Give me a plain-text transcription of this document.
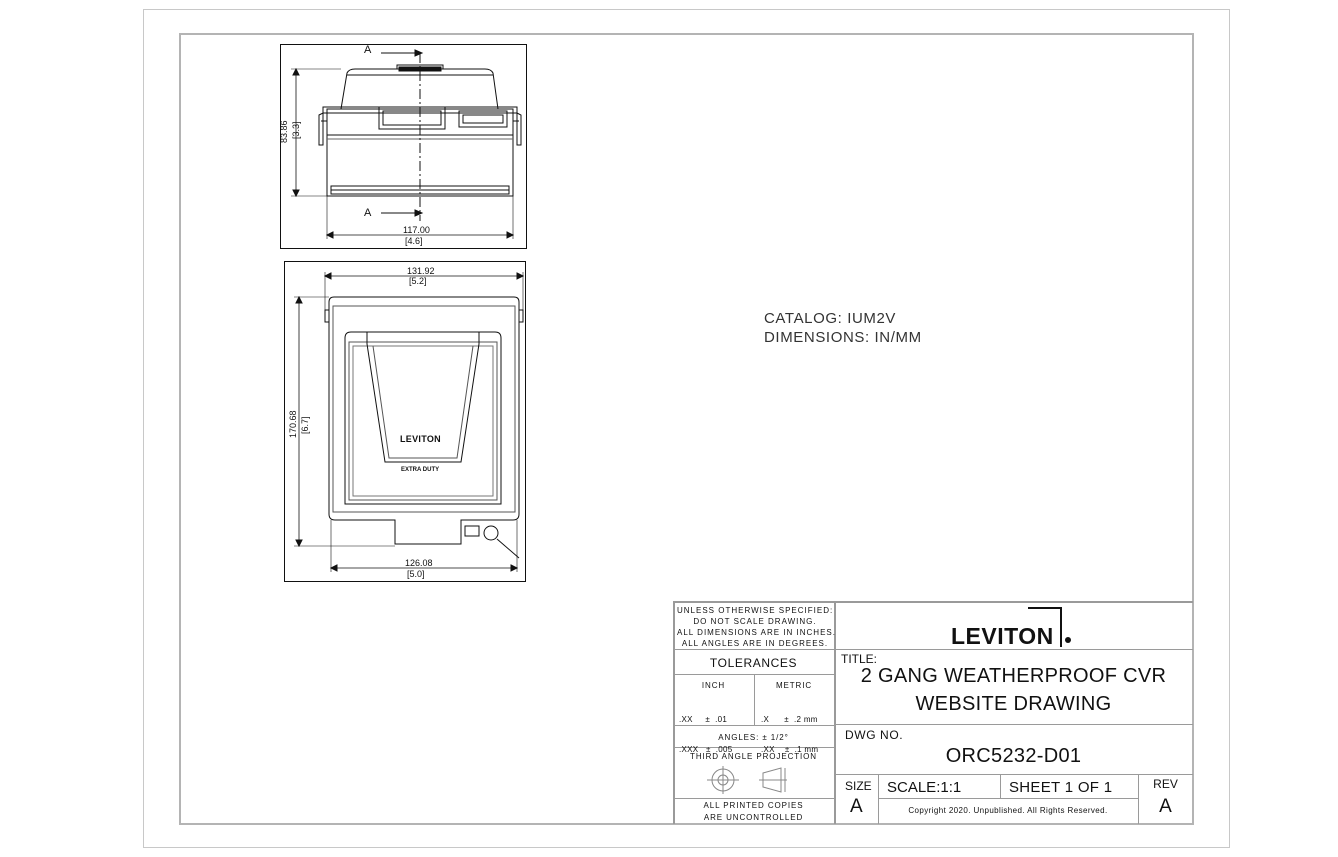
A
A
83.86 [3.3]
117.00
[4.6]
LEVITON
EXTRA DUTY
131.92
[5.2]
170.68 [6.7]
126.08
[5.0]
CATALOG: IUM2V
DIMENSIONS: IN/MM
UNLESS OTHERWISE SPECIFIED:
DO NOT SCALE DRAWING.
ALL DIMENSIONS ARE IN INCHES.
ALL ANGLES ARE IN DEGREES.
TOLERANCES
INCH	METRIC

.XX     ±  .01

.XXX   ±  .005

.X      ±  .2 mm

.XX    ±  .1 mm

ANGLES: ± 1/2°
THIRD ANGLE PROJECTION
ALL PRINTED COPIES
ARE UNCONTROLLED
LEVITON
TITLE:
2 GANG WEATHERPROOF CVR
WEBSITE DRAWING
DWG NO.
ORC5232-D01
SIZE
A
SCALE:1:1	SHEET 1 OF 1
Copyright 2020. Unpublished. All Rights Reserved.
REV
A
